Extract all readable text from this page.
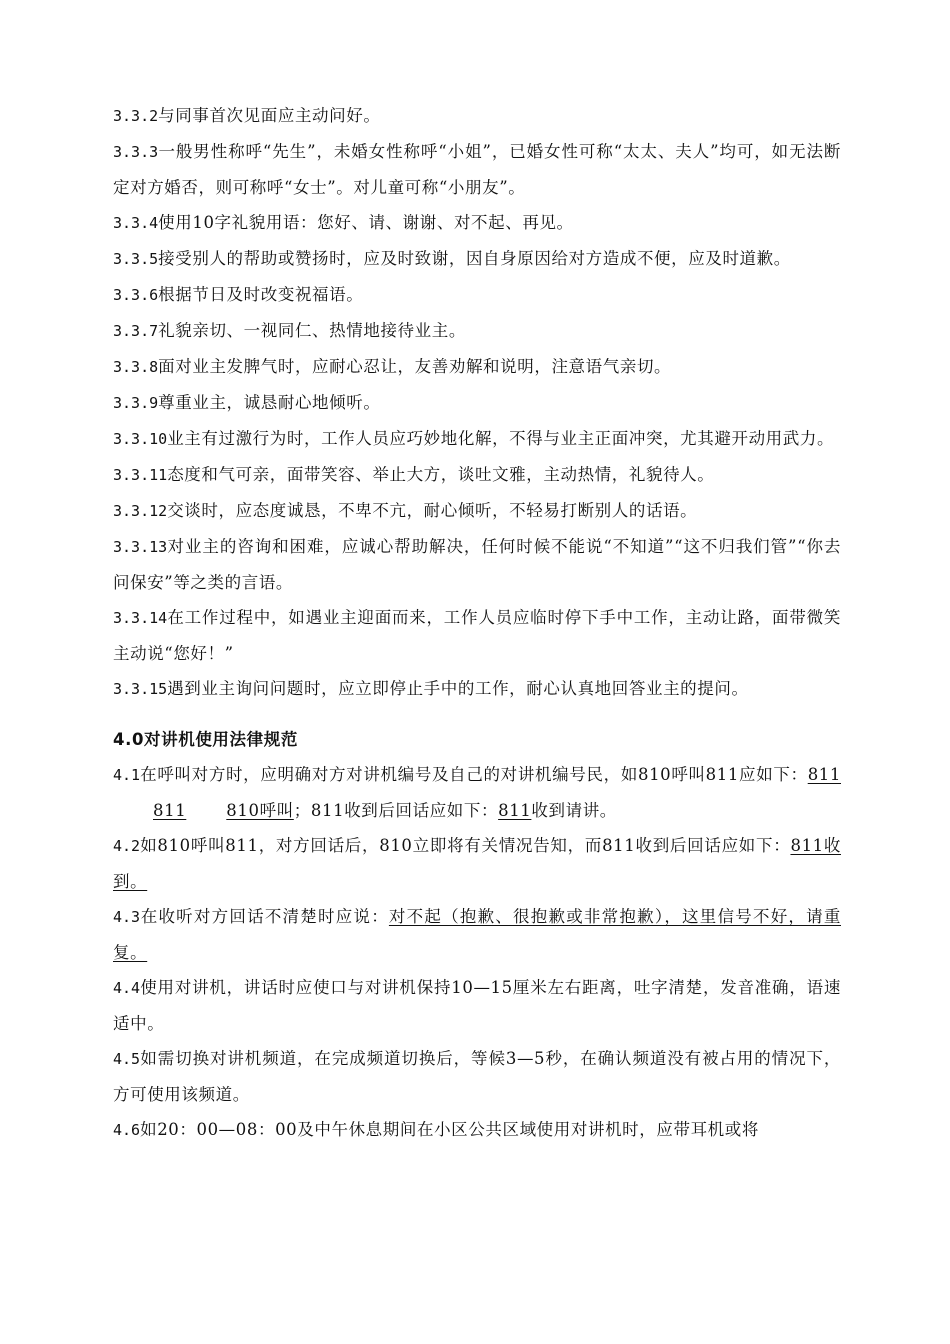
3.3.2与同事首次见面应主动问好。

3.3.3一般男性称呼“先生”，未婚女性称呼“小姐”，已婚女性可称“太太、夫人”均可，如无法断定对方婚否，则可称呼“女士”。对儿童可称“小朋友”。

3.3.4使用10字礼貌用语：您好、请、谢谢、对不起、再见。

3.3.5接受别人的帮助或赞扬时，应及时致谢，因自身原因给对方造成不便，应及时道歉。

3.3.6根据节日及时改变祝福语。

3.3.7礼貌亲切、一视同仁、热情地接待业主。

3.3.8面对业主发脾气时，应耐心忍让，友善劝解和说明，注意语气亲切。

3.3.9尊重业主，诚恳耐心地倾听。

3.3.10业主有过激行为时，工作人员应巧妙地化解，不得与业主正面冲突，尤其避开动用武力。

3.3.11态度和气可亲，面带笑容、举止大方，谈吐文雅，主动热情，礼貌待人。

3.3.12交谈时，应态度诚恳，不卑不亢，耐心倾听，不轻易打断别人的话语。

3.3.13对业主的咨询和困难，应诚心帮助解决，任何时候不能说“不知道”“这不归我们管”“你去问保安”等之类的言语。

3.3.14在工作过程中，如遇业主迎面而来，工作人员应临时停下手中工作，主动让路，面带微笑主动说“您好！”

3.3.15遇到业主询问问题时，应立即停止手中的工作，耐心认真地回答业主的提问。

4.0对讲机使用法律规范

4.1在呼叫对方时，应明确对方对讲机编号及自己的对讲机编号民，如810呼叫811应如下：811811 810呼叫；811收到后回话应如下：811收到请讲。

4.2如810呼叫811，对方回话后，810立即将有关情况告知，而811收到后回话应如下：811收到。

4.3在收听对方回话不清楚时应说：对不起（抱歉、很抱歉或非常抱歉），这里信号不好，请重复。

4.4使用对讲机，讲话时应使口与对讲机保持10—15厘米左右距离，吐字清楚，发音准确，语速适中。

4.5如需切换对讲机频道，在完成频道切换后，等候3—5秒，在确认频道没有被占用的情况下，方可使用该频道。

4.6如20：00—08：00及中午休息期间在小区公共区域使用对讲机时，应带耳机或将
